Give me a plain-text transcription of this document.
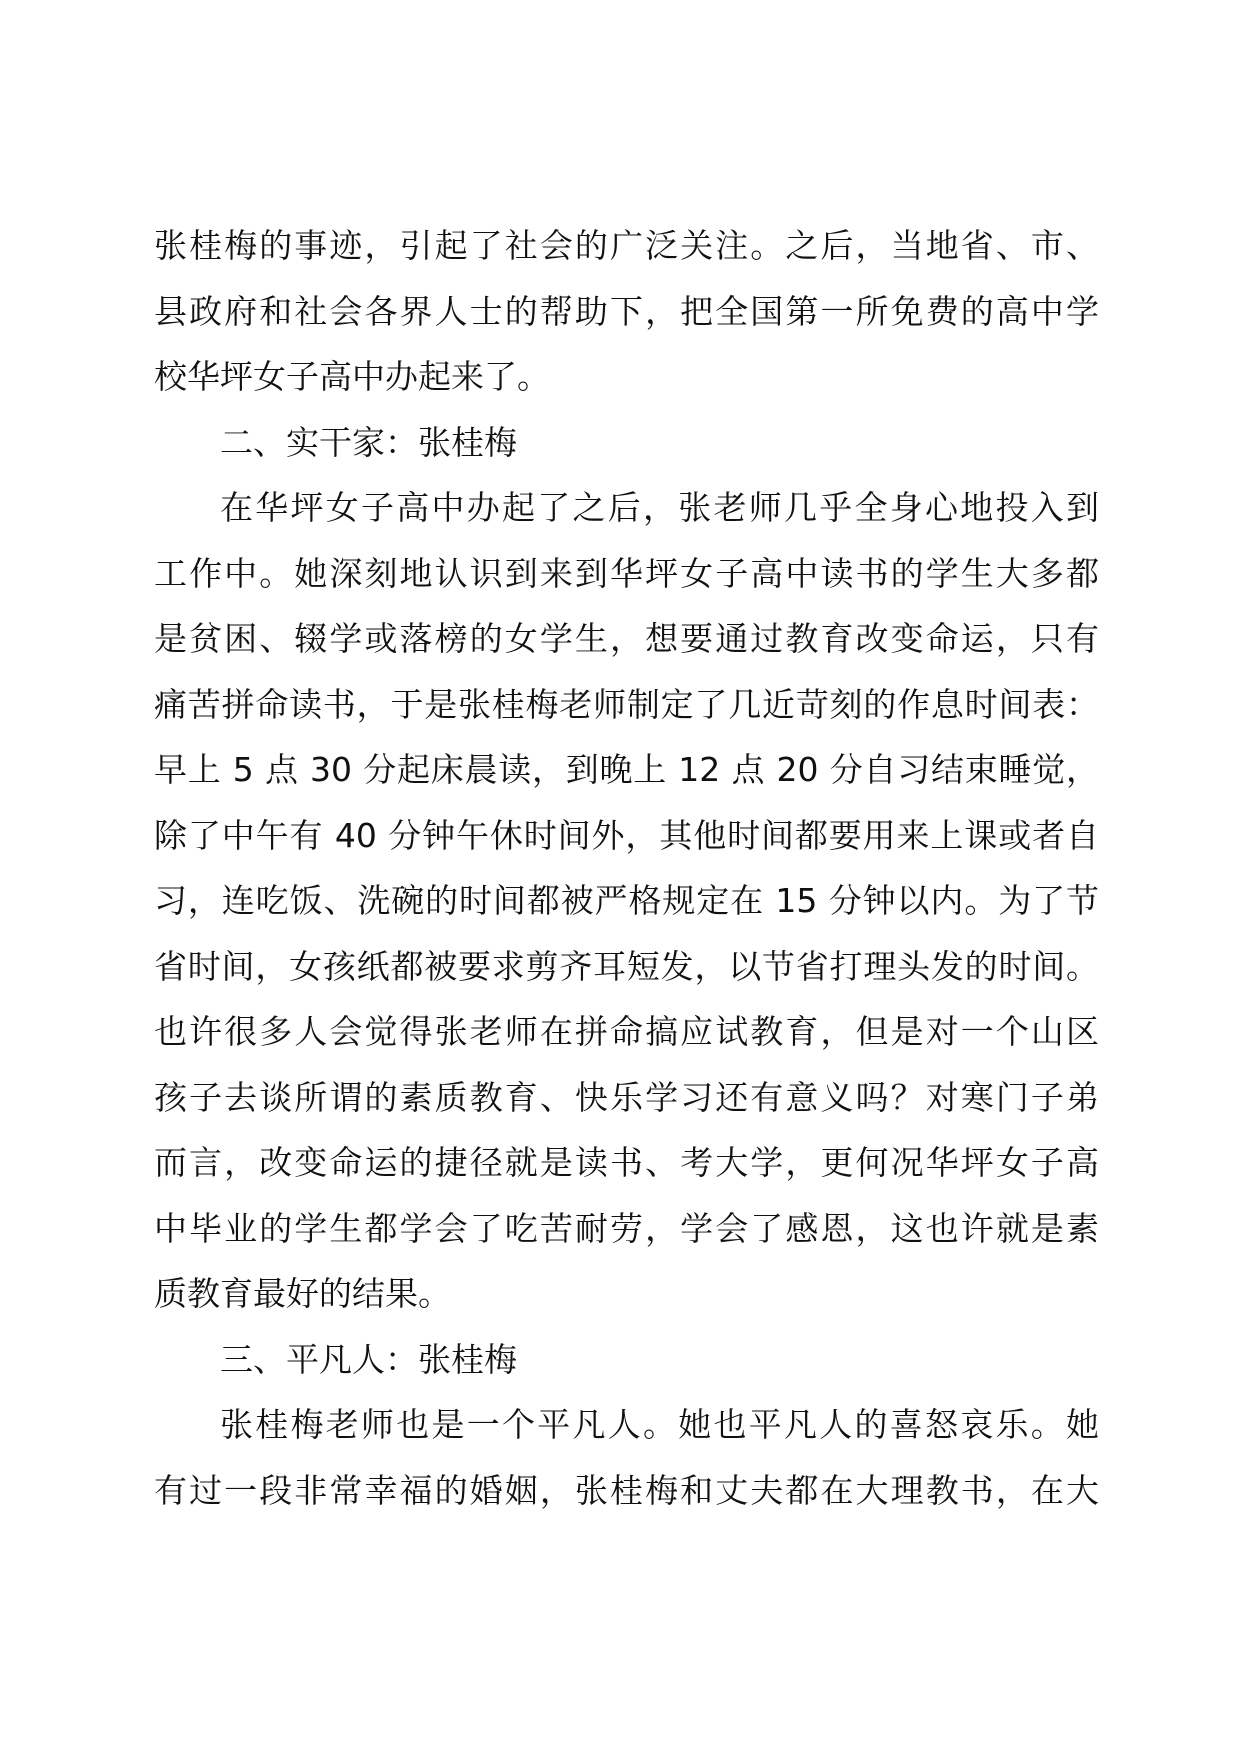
张桂梅的事迹，引起了社会的广泛关注。之后，当地省、市、
县政府和社会各界人士的帮助下，把全国第一所免费的高中学
校华坪女子高中办起来了。
二、实干家：张桂梅
在华坪女子高中办起了之后，张老师几乎全身心地投入到
工作中。她深刻地认识到来到华坪女子高中读书的学生大多都
是贫困、辍学或落榜的女学生，想要通过教育改变命运，只有
痛苦拼命读书，于是张桂梅老师制定了几近苛刻的作息时间表：
早上 5 点 30 分起床晨读，到晚上 12 点 20 分自习结束睡觉，
除了中午有 40 分钟午休时间外，其他时间都要用来上课或者自
习，连吃饭、洗碗的时间都被严格规定在 15 分钟以内。为了节
省时间，女孩纸都被要求剪齐耳短发，以节省打理头发的时间。
也许很多人会觉得张老师在拼命搞应试教育，但是对一个山区
孩子去谈所谓的素质教育、快乐学习还有意义吗？对寒门子弟
而言，改变命运的捷径就是读书、考大学，更何况华坪女子高
中毕业的学生都学会了吃苦耐劳，学会了感恩，这也许就是素
质教育最好的结果。
三、平凡人：张桂梅
张桂梅老师也是一个平凡人。她也平凡人的喜怒哀乐。她
有过一段非常幸福的婚姻，张桂梅和丈夫都在大理教书，在大
